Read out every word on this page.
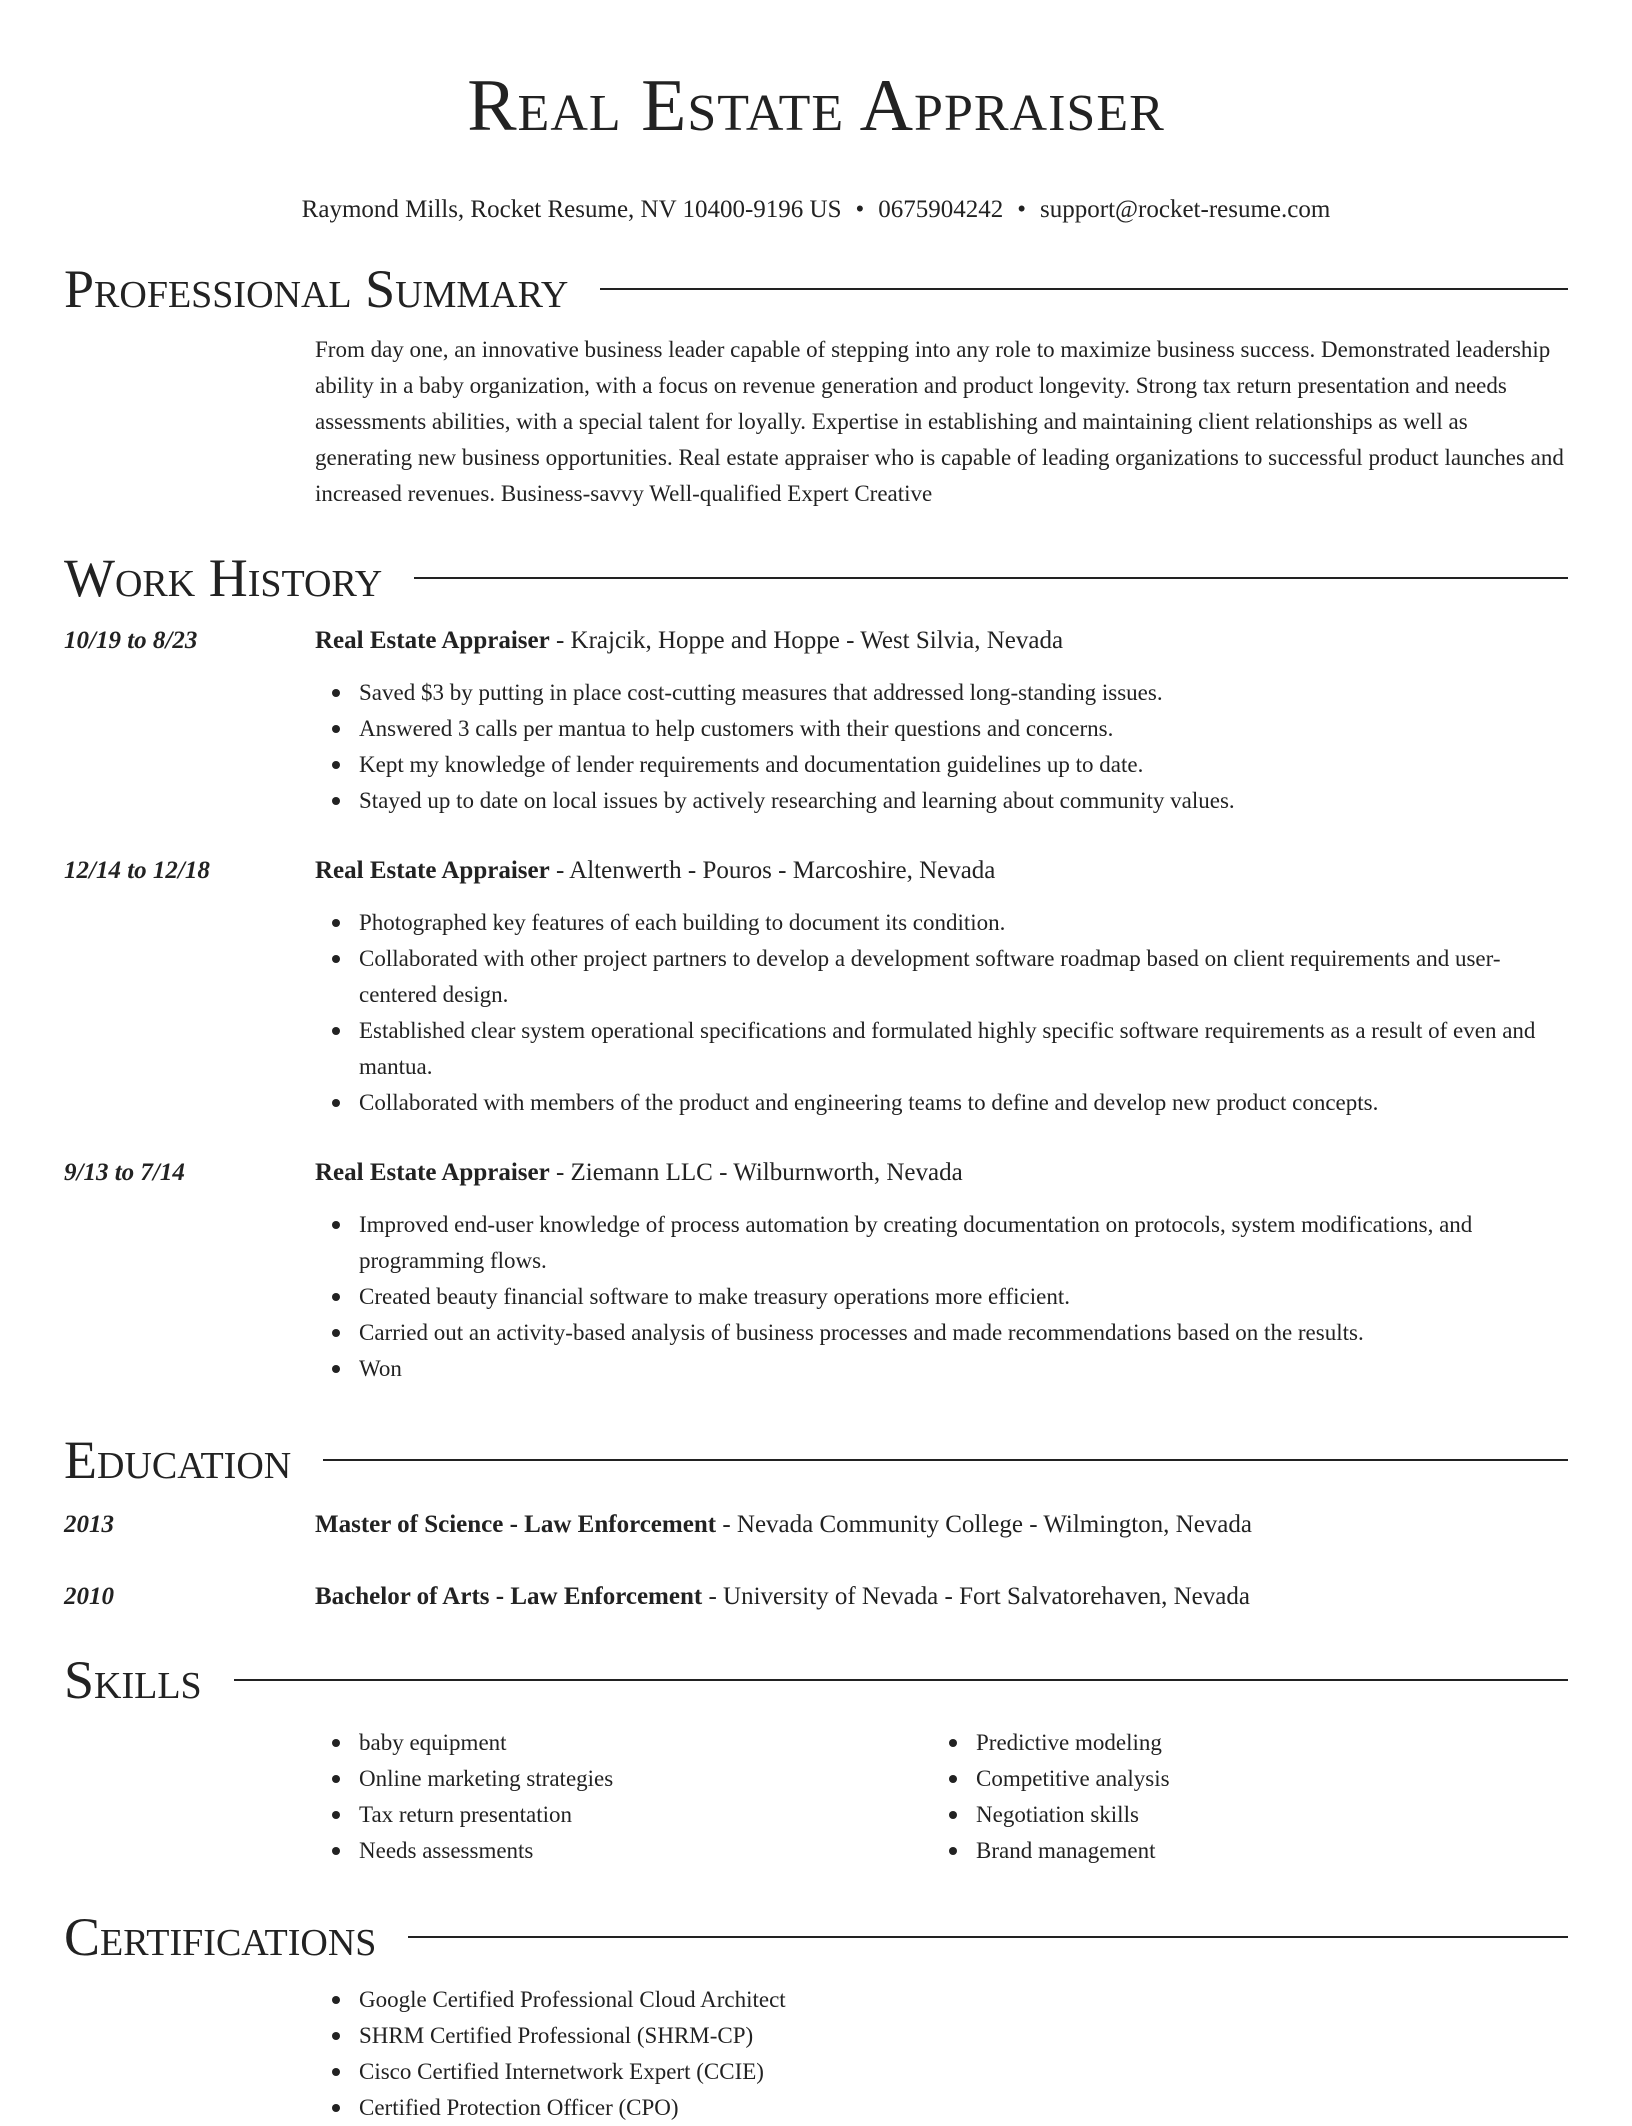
Real Estate Appraiser
Raymond Mills, Rocket Resume, NV 10400-9196 US • 0675904242 • support@rocket-resume.com
Professional Summary
From day one, an innovative business leader capable of stepping into any role to maximize business success. Demonstrated leadership ability in a baby organization, with a focus on revenue generation and product longevity. Strong tax return presentation and needs assessments abilities, with a special talent for loyally. Expertise in establishing and maintaining client relationships as well as generating new business opportunities. Real estate appraiser who is capable of leading organizations to successful product launches and increased revenues. Business-savvy Well-qualified Expert Creative
Work History
10/19 to 8/23	Real Estate Appraiser - Krajcik, Hoppe and Hoppe - West Silvia, Nevada
Saved $3 by putting in place cost-cutting measures that addressed long-standing issues.
Answered 3 calls per mantua to help customers with their questions and concerns.
Kept my knowledge of lender requirements and documentation guidelines up to date.
Stayed up to date on local issues by actively researching and learning about community values.
12/14 to 12/18	Real Estate Appraiser - Altenwerth - Pouros - Marcoshire, Nevada
Photographed key features of each building to document its condition.
Collaborated with other project partners to develop a development software roadmap based on client requirements and user-centered design.
Established clear system operational specifications and formulated highly specific software requirements as a result of even and mantua.
Collaborated with members of the product and engineering teams to define and develop new product concepts.
9/13 to 7/14	Real Estate Appraiser - Ziemann LLC - Wilburnworth, Nevada
Improved end-user knowledge of process automation by creating documentation on protocols, system modifications, and programming flows.
Created beauty financial software to make treasury operations more efficient.
Carried out an activity-based analysis of business processes and made recommendations based on the results.
Won
Education
2013	Master of Science - Law Enforcement - Nevada Community College - Wilmington, Nevada
2010	Bachelor of Arts - Law Enforcement - University of Nevada - Fort Salvatorehaven, Nevada
Skills
baby equipment
Online marketing strategies
Tax return presentation
Needs assessments
Predictive modeling
Competitive analysis
Negotiation skills
Brand management
Certifications
Google Certified Professional Cloud Architect
SHRM Certified Professional (SHRM-CP)
Cisco Certified Internetwork Expert (CCIE)
Certified Protection Officer (CPO)
